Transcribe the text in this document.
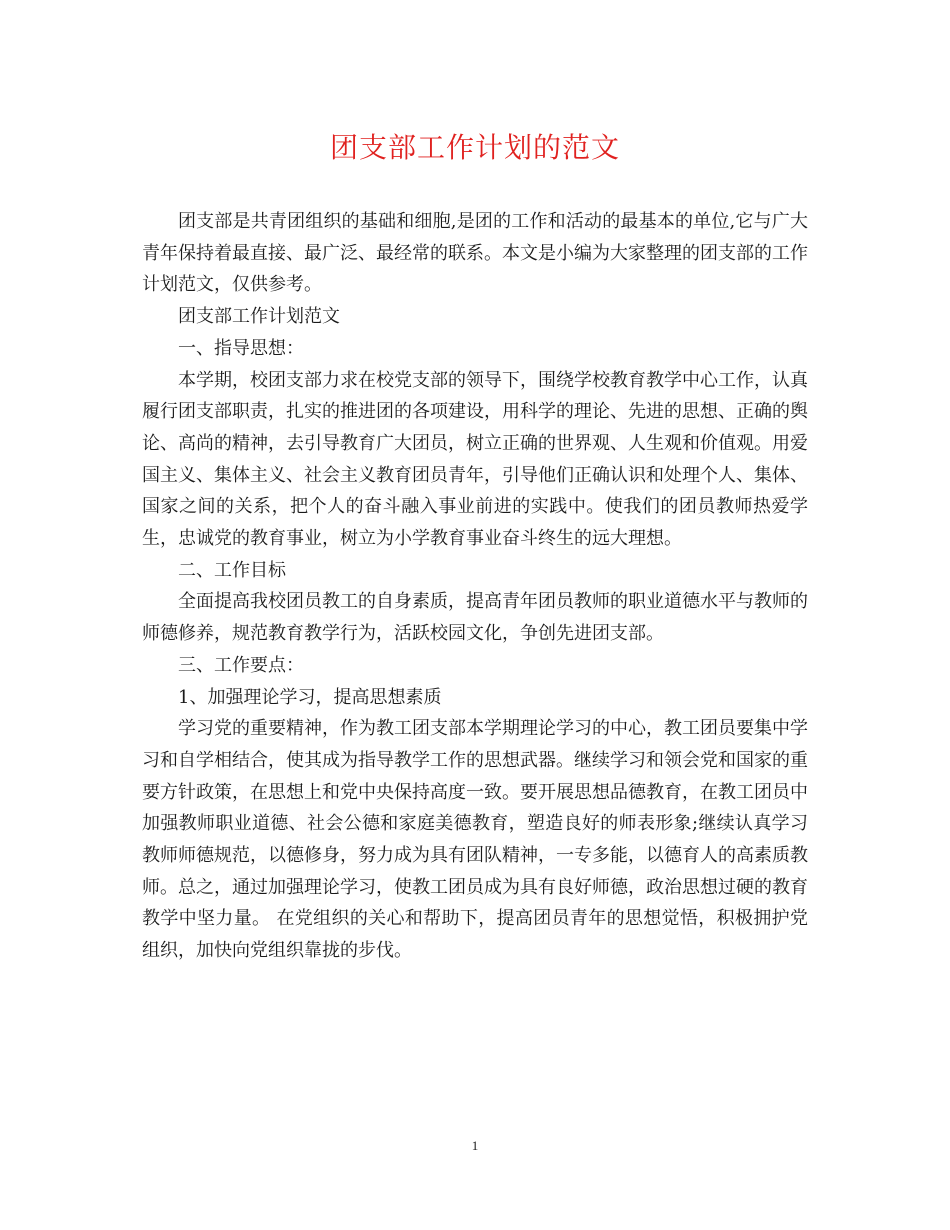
团支部工作计划的范文

团支部是共青团组织的基础和细胞,是团的工作和活动的最基本的单位,它与广大青年保持着最直接、最广泛、最经常的联系。本文是小编为大家整理的团支部的工作计划范文，仅供参考。

团支部工作计划范文

一、指导思想：

本学期，校团支部力求在校党支部的领导下，围绕学校教育教学中心工作，认真履行团支部职责，扎实的推进团的各项建设，用科学的理论、先进的思想、正确的舆论、高尚的精神，去引导教育广大团员，树立正确的世界观、人生观和价值观。用爱国主义、集体主义、社会主义教育团员青年，引导他们正确认识和处理个人、集体、国家之间的关系，把个人的奋斗融入事业前进的实践中。使我们的团员教师热爱学生，忠诚党的教育事业，树立为小学教育事业奋斗终生的远大理想。

二、工作目标

全面提高我校团员教工的自身素质，提高青年团员教师的职业道德水平与教师的师德修养，规范教育教学行为，活跃校园文化，争创先进团支部。

三、工作要点：

1、加强理论学习，提高思想素质

学习党的重要精神，作为教工团支部本学期理论学习的中心，教工团员要集中学习和自学相结合，使其成为指导教学工作的思想武器。继续学习和领会党和国家的重要方针政策，在思想上和党中央保持高度一致。要开展思想品德教育，在教工团员中加强教师职业道德、社会公德和家庭美德教育，塑造良好的师表形象;继续认真学习教师师德规范，以德修身，努力成为具有团队精神，一专多能，以德育人的高素质教师。总之，通过加强理论学习，使教工团员成为具有良好师德，政治思想过硬的教育教学中坚力量。 在党组织的关心和帮助下，提高团员青年的思想觉悟，积极拥护党组织，加快向党组织靠拢的步伐。

1
